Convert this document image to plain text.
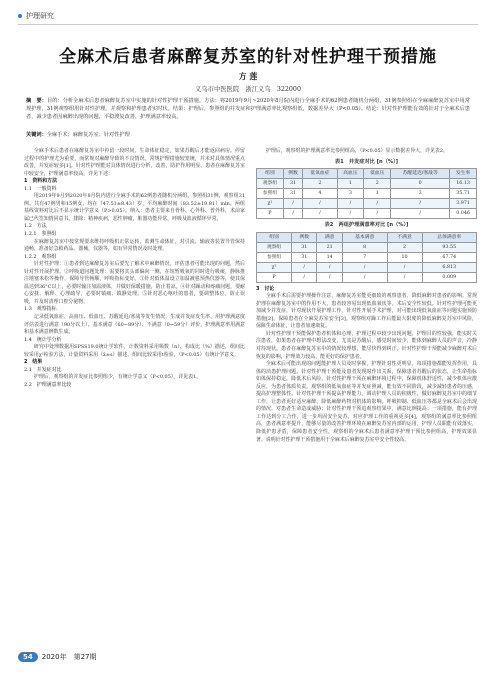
护理研究
全麻术后患者麻醉复苏室的针对性护理干预措施
方 莲
义乌市中医医院　浙江义乌　322000
摘　要：目的：分析全麻术后患者麻醉复苏室中实施的针对性护理干预措施。方法：将2019年9月~2020年8月院内进行全麻手术的62例患者随机分两组，31例参照组在全麻麻醉复苏室中用常规护理，31例观察组用针对性护理，并观察和护理患者实时状。结果：护理后，参照组的并发症和护理满意率比观察组低，数据差异大（P<0.05）。结论：针对性护理能有效的针对于全麻术后患者，减少患者因麻醉出现的问题，平稳渡复改善，护理满意率较高。
关键词：全麻手术；麻醉复苏室；针对性护理

全麻手术后患者在麻醉复苏室中停留一段时间，生命体征稳定，如果苏醒后才能返回病房。停留过程中的护理尤为重要，而常规对麻醉导致的不良情况，常规护理措施较笼统，并未对具体情况重点改善，并发症较多[1]。针对性护理能对具体情况进行分析，改善，防护作用明显，患者在麻醉复苏室中较安全，护理满意率较高，详见下述：

1　资料和方法
1.1　一般资料

用2019年9月到2020年8月院内进行全麻手术的62例患者随机分两组，参照组31例，观察组31例。共有47例男和15例女，均在（47.51±8.43）岁，平均麻醉时间（83.52±19.81）min。两组基线资料对比后不显示统计学意义（P>0.05）。纳入：患者主要来自骨科、心外科、普外科，术前家属已代签知情同意书。排除：精神疾病，恶性肿瘤，脏器功能异常，呼吸及血液循环异常。

1.2　方法
1.2.1　参照组

在麻醉复苏室中按常规要求维持呼吸机正常运转，监测生命体征，对引流、输液等装置导管保持通畅，准备好急救药品、器械，仪器等，如有异常情况及时处理。

1.2.2　观察组

针对性护理：①患者到达麻醉复苏室后要先了解术中麻醉情况，评估患者可能出现的问题，然后针对性开展护理。②呼吸道问题处理：需要将其头部偏向一侧，在短暂吸氧的同时进行吸痰，静脉推注地塞米松等操作，保障导管畅顺，呼吸指标变好。③针对低体温设立加温被毯预热仪器等，使其保温达到36°C以上，必要时输注加温液体，并做好保暖措施，防止着凉。④针对躁动和疼痛问题，要耐心安抚、解释、心理疏导，必要时镇痛、镇静处理。⑤针对恶心呕吐的患者，要调整体位，防止误吸，并及时清理口腔分泌物。

1.3　观察指标

记录低氧血症、高血压、低血压、苏醒延迟/寒战等发生情况，生成并发症发生率。用护理满意度评估表进行满意（90分以上）、基本满意（60~89分）、不满意（0~59分）评价，护理满意率用满意和基本满意例数生成。

1.4　统计学分析

研究中处理数据用SPSS19.0统计学软件，计数资料采用频数（n）、构成比（%）描述，组间比较采用χ²检验方法，计量资料采用（x̄±s）描述，组间比较采用t检验，（P<0.05）有统计学意义。

2　结果
2.1　并发症对比

护理后，观察组的并发症比参照组少，有统计学意义（P<0.05），详见表1。

2.2　护理满意率比较

护理后，观察组的护理满意率比参照组高，（P<0.05）显示数据差异大，详见表2。

表1　并发症对比 [n（%）]
组别	例数	低氧血症	高血压	低血压	苏醒延迟/寒战等	发生率
观察组	31	2	1	2	0	16.13
参照组	31	4	3	1	3	35.71
χ²	/	/	/	/	/	3.971
P	/	/	/	/	/	0.046
表2　两组护理满意率对比 [n（%）]
组别	例数	满意	基本满意	不满意	总体满意率
观察组	31	21	8	2	93.55
参照组	31	14	7	10	67.74
χ²	/	/	/	/	6.813
P	/	/	/	/	0.009
3　讨论

全麻手术后需要护理操作注意，麻醉复苏室能更细致的观察患者，降低麻醉对患者的影响。常规护理在麻醉复苏室中的作用不大，患者较容易出现低血氧状等，术后安全性较低。针对性护理可能更加减少并发症，针对现状开展护理工作，针对性开展手术护理，对可能出现低氧血症等问题实施预防措施[2]，保障患者在全麻复苏室安全[3]。观察组对躁工作后能最大限度的降低麻醉复苏室中风险，保障生命体征，让患者加速康复。

针对性护理干预能保护患者机体和心理，护理过程中较少出现问题，护理目的性较强，能实时关注患者，如果患者在护理中想法改变，尤其是苏醒后，感觉时间较少，能体到麻醉人员的声音，冷静对待现状。患者在麻醉复苏室中的情况较理想，能尽快得到纠正。针对性护理干预能减少麻醉对术后恢复的影响，护理效力较高，能更好的保护患者。

全麻术后可能出现的问题能护理人员及时掌握，护理针对性更明显，每项措施都能发挥作用，具体的消患护理问题。针对性护理干预能及患者发现时作出关系，保障患者苏醒后的状态，让生命指标如体保持稳定，降低术后风险，针对性护理干预在麻醉环境过程中，保障机体舒适性，减少机体应激反应，为患者体质负责。观察组的低氧血症等并发症照减，能有效不同阶段，减少减轻患者的压感，提高护理整体性。针对性护理干预提高护理能力，调动护理人员的积极性，做好麻醉复苏室中的细节工作，让患者更好适应麻醉，降低麻醉药物对机体的影响。呼吸抑制、低血压等都是全麻术后会出现的情况，对患者生命造成威胁；针对性护理干预追观察结果中，满意比例提高；一项措施，能有护理工作达到分工合作，进一步巩固安全复苏，对应护理工作的重视更多[4]，观察组的满意率比参照组高，患者满意率提升，能够尽量的改善护理环境在麻醉复苏室内部的运用，护理人员职能有效落实，降低护患矛盾，保障患者安全性，观察组的全麻术后患者满意率护理干预比参照组高，护理效果显著。说明针对性护理干预措施用于全麻术后麻醉复苏室中安全性较高。

54	2020年　第27期
